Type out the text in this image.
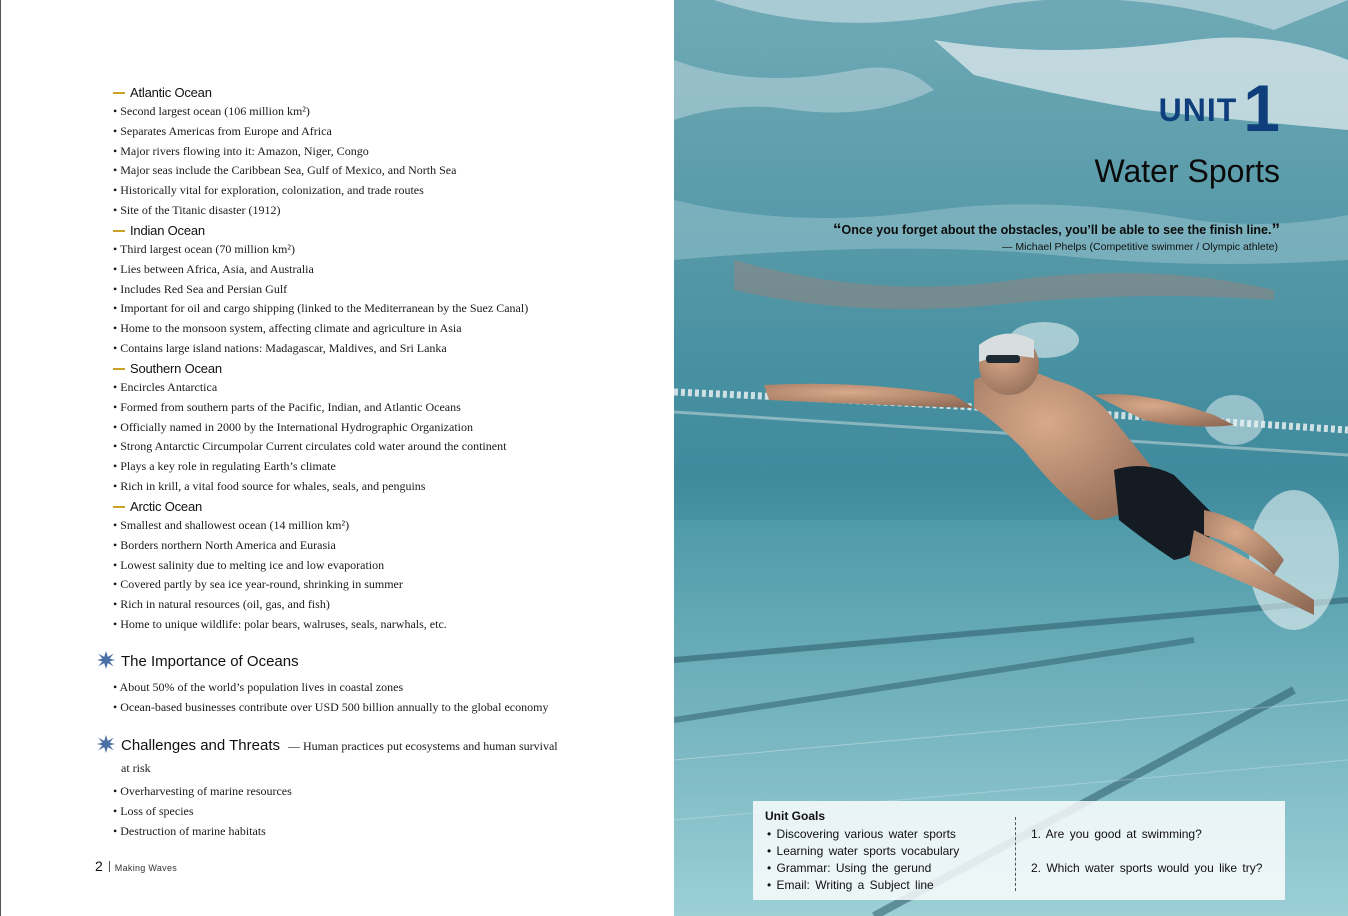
Atlantic Ocean
• Second largest ocean (106 million km²)
• Separates Americas from Europe and Africa
• Major rivers flowing into it: Amazon, Niger, Congo
• Major seas include the Caribbean Sea, Gulf of Mexico, and North Sea
• Historically vital for exploration, colonization, and trade routes
• Site of the Titanic disaster (1912)
Indian Ocean
• Third largest ocean (70 million km²)
• Lies between Africa, Asia, and Australia
• Includes Red Sea and Persian Gulf
• Important for oil and cargo shipping (linked to the Mediterranean by the Suez Canal)
• Home to the monsoon system, affecting climate and agriculture in Asia
• Contains large island nations: Madagascar, Maldives, and Sri Lanka
Southern Ocean
• Encircles Antarctica
• Formed from southern parts of the Pacific, Indian, and Atlantic Oceans
• Officially named in 2000 by the International Hydrographic Organization
• Strong Antarctic Circumpolar Current circulates cold water around the continent
• Plays a key role in regulating Earth’s climate
• Rich in krill, a vital food source for whales, seals, and penguins
Arctic Ocean
• Smallest and shallowest ocean (14 million km²)
• Borders northern North America and Eurasia
• Lowest salinity due to melting ice and low evaporation
• Covered partly by sea ice year-round, shrinking in summer
• Rich in natural resources (oil, gas, and fish)
• Home to unique wildlife: polar bears, walruses, seals, narwhals, etc.
The Importance of Oceans
• About 50% of the world’s population lives in coastal zones
• Ocean-based businesses contribute over USD 500 billion annually to the global economy
Challenges and Threats — Human practices put ecosystems and human survival
at risk
• Overharvesting of marine resources
• Loss of species
• Destruction of marine habitats
2 Making Waves
UNIT1
Water Sports
“Once you forget about the obstacles, you’ll be able to see the finish line.”
— Michael Phelps (Competitive swimmer / Olympic athlete)
Unit Goals
• Discovering various water sports
• Learning water sports vocabulary
• Grammar: Using the gerund
• Email: Writing a Subject line
1. Are you good at swimming?
2. Which water sports would you like try?
